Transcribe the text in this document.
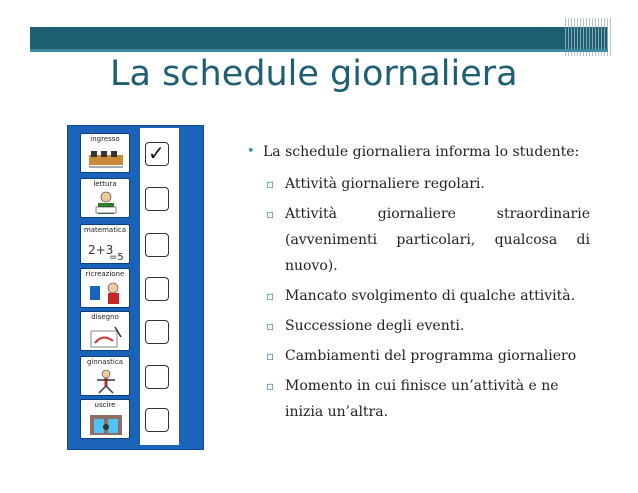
La schedule giornaliera
ingresso
✓
lettura
matematica
2+3
=5
ricreazione
disegno
ginnastica
uscire
• La schedule giornaliera informa lo studente:
▫ Attività giornaliere regolari.
▫ Attività giornaliere straordinarie
(avvenimenti particolari, qualcosa di
nuovo).
▫ Mancato svolgimento di qualche attività.
▫ Successione degli eventi.
▫ Cambiamenti del programma giornaliero
▫ Momento in cui finisce un’attività e ne inizia un’altra.
